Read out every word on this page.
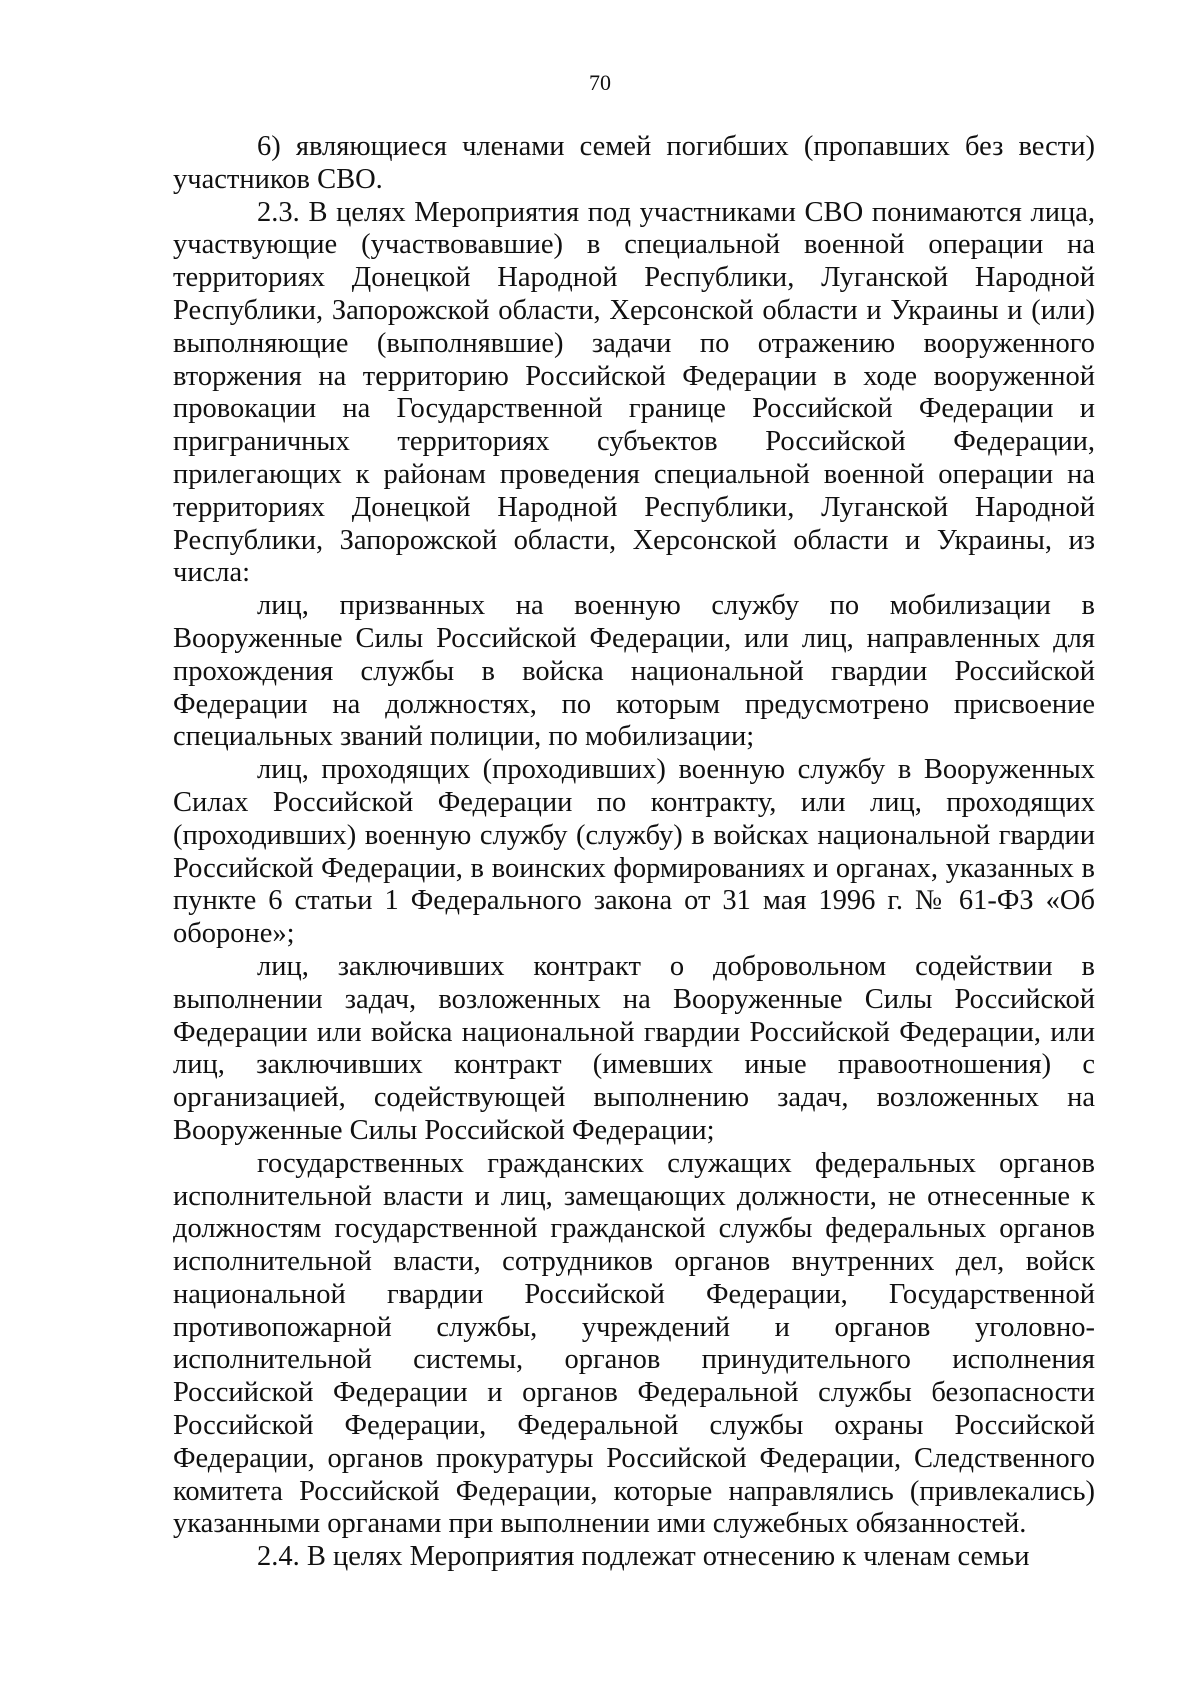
70

6) являющиеся членами семей погибших (пропавших без вести) участников СВО.

2.3. В целях Мероприятия под участниками СВО понимаются лица, участвующие (участвовавшие) в специальной военной операции на территориях Донецкой Народной Республики, Луганской Народной Республики, Запорожской области, Херсонской области и Украины и (или) выполняющие (выполнявшие) задачи по отражению вооруженного вторжения на территорию Российской Федерации в ходе вооруженной провокации на Государственной границе Российской Федерации и приграничных территориях субъектов Российской Федерации, прилегающих к районам проведения специальной военной операции на территориях Донецкой Народной Республики, Луганской Народной Республики, Запорожской области, Херсонской области и Украины, из числа:

лиц, призванных на военную службу по мобилизации в Вооруженные Силы Российской Федерации, или лиц, направленных для прохождения службы в войска национальной гвардии Российской Федерации на должностях, по которым предусмотрено присвоение специальных званий полиции, по мобилизации;

лиц, проходящих (проходивших) военную службу в Вооруженных Силах Российской Федерации по контракту, или лиц, проходящих (проходивших) военную службу (службу) в войсках национальной гвардии Российской Федерации, в воинских формированиях и органах, указанных в пункте 6 статьи 1 Федерального закона от 31 мая 1996 г. № 61-ФЗ «Об обороне»;

лиц, заключивших контракт о добровольном содействии в выполнении задач, возложенных на Вооруженные Силы Российской Федерации или войска национальной гвардии Российской Федерации, или лиц, заключивших контракт (имевших иные правоотношения) с организацией, содействующей выполнению задач, возложенных на Вооруженные Силы Российской Федерации;

государственных гражданских служащих федеральных органов исполнительной власти и лиц, замещающих должности, не отнесенные к должностям государственной гражданской службы федеральных органов исполнительной власти, сотрудников органов внутренних дел, войск национальной гвардии Российской Федерации, Государственной противопожарной службы, учреждений и органов уголовно-исполнительной системы, органов принудительного исполнения Российской Федерации и органов Федеральной службы безопасности Российской Федерации, Федеральной службы охраны Российской Федерации, органов прокуратуры Российской Федерации, Следственного комитета Российской Федерации, которые направлялись (привлекались) указанными органами при выполнении ими служебных обязанностей.

2.4. В целях Мероприятия подлежат отнесению к членам семьи
